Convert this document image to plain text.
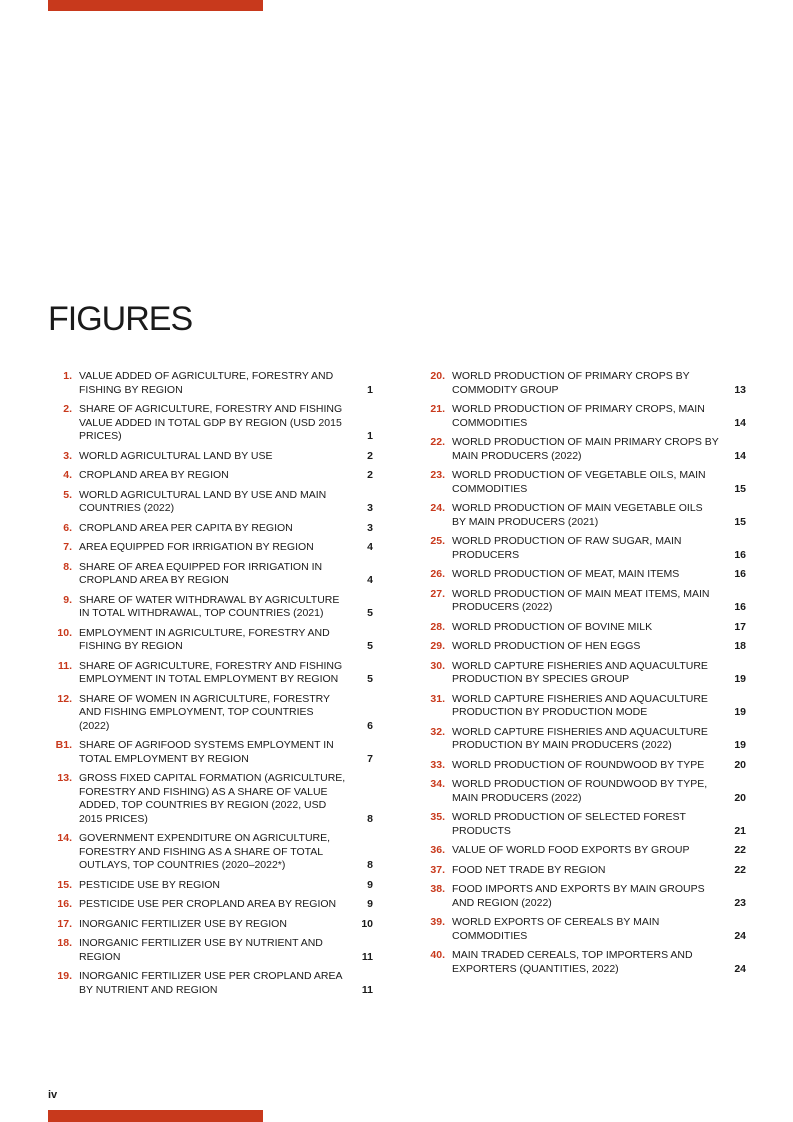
FIGURES
1. VALUE ADDED OF AGRICULTURE, FORESTRY AND FISHING BY REGION	1
2. SHARE OF AGRICULTURE, FORESTRY AND FISHING VALUE ADDED IN TOTAL GDP BY REGION (USD 2015 PRICES)	1
3. WORLD AGRICULTURAL LAND BY USE	2
4. CROPLAND AREA BY REGION	2
5. WORLD AGRICULTURAL LAND BY USE AND MAIN COUNTRIES (2022)	3
6. CROPLAND AREA PER CAPITA BY REGION	3
7. AREA EQUIPPED FOR IRRIGATION BY REGION	4
8. SHARE OF AREA EQUIPPED FOR IRRIGATION IN CROPLAND AREA BY REGION	4
9. SHARE OF WATER WITHDRAWAL BY AGRICULTURE IN TOTAL WITHDRAWAL, TOP COUNTRIES (2021)	5
10. EMPLOYMENT IN AGRICULTURE, FORESTRY AND FISHING BY REGION	5
11. SHARE OF AGRICULTURE, FORESTRY AND FISHING EMPLOYMENT IN TOTAL EMPLOYMENT BY REGION	5
12. SHARE OF WOMEN IN AGRICULTURE, FORESTRY AND FISHING EMPLOYMENT, TOP COUNTRIES (2022)	6
B1. SHARE OF AGRIFOOD SYSTEMS EMPLOYMENT IN TOTAL EMPLOYMENT BY REGION	7
13. GROSS FIXED CAPITAL FORMATION (AGRICULTURE, FORESTRY AND FISHING) AS A SHARE OF VALUE ADDED, TOP COUNTRIES BY REGION (2022, USD 2015 PRICES)	8
14. GOVERNMENT EXPENDITURE ON AGRICULTURE, FORESTRY AND FISHING AS A SHARE OF TOTAL OUTLAYS, TOP COUNTRIES (2020–2022*)	8
15. PESTICIDE USE BY REGION	9
16. PESTICIDE USE PER CROPLAND AREA BY REGION	9
17. INORGANIC FERTILIZER USE BY REGION	10
18. INORGANIC FERTILIZER USE BY NUTRIENT AND REGION	11
19. INORGANIC FERTILIZER USE PER CROPLAND AREA BY NUTRIENT AND REGION	11
20. WORLD PRODUCTION OF PRIMARY CROPS BY COMMODITY GROUP	13
21. WORLD PRODUCTION OF PRIMARY CROPS, MAIN COMMODITIES	14
22. WORLD PRODUCTION OF MAIN PRIMARY CROPS BY MAIN PRODUCERS (2022)	14
23. WORLD PRODUCTION OF VEGETABLE OILS, MAIN COMMODITIES	15
24. WORLD PRODUCTION OF MAIN VEGETABLE OILS BY MAIN PRODUCERS (2021)	15
25. WORLD PRODUCTION OF RAW SUGAR, MAIN PRODUCERS	16
26. WORLD PRODUCTION OF MEAT, MAIN ITEMS	16
27. WORLD PRODUCTION OF MAIN MEAT ITEMS, MAIN PRODUCERS (2022)	16
28. WORLD PRODUCTION OF BOVINE MILK	17
29. WORLD PRODUCTION OF HEN EGGS	18
30. WORLD CAPTURE FISHERIES AND AQUACULTURE PRODUCTION BY SPECIES GROUP	19
31. WORLD CAPTURE FISHERIES AND AQUACULTURE PRODUCTION BY PRODUCTION MODE	19
32. WORLD CAPTURE FISHERIES AND AQUACULTURE PRODUCTION BY MAIN PRODUCERS (2022)	19
33. WORLD PRODUCTION OF ROUNDWOOD BY TYPE	20
34. WORLD PRODUCTION OF ROUNDWOOD BY TYPE, MAIN PRODUCERS (2022)	20
35. WORLD PRODUCTION OF SELECTED FOREST PRODUCTS	21
36. VALUE OF WORLD FOOD EXPORTS BY GROUP	22
37. FOOD NET TRADE BY REGION	22
38. FOOD IMPORTS AND EXPORTS BY MAIN GROUPS AND REGION (2022)	23
39. WORLD EXPORTS OF CEREALS BY MAIN COMMODITIES	24
40. MAIN TRADED CEREALS, TOP IMPORTERS AND EXPORTERS (QUANTITIES, 2022)	24
iv
